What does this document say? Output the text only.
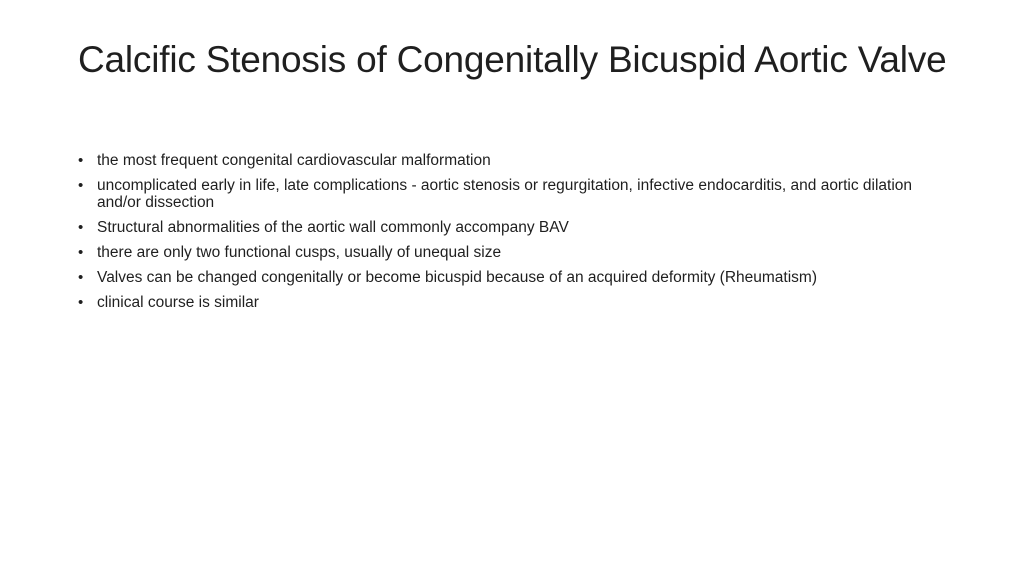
Calcific Stenosis of Congenitally Bicuspid Aortic Valve
• the most frequent congenital cardiovascular malformation
• uncomplicated early in life, late complications - aortic stenosis or regurgitation, infective endocarditis, and aortic dilation and/or dissection
• Structural abnormalities of the aortic wall commonly accompany BAV
• there are only two functional cusps, usually of unequal size
• Valves can be changed congenitally or become bicuspid because of an acquired deformity (Rheumatism)
• clinical course is similar
